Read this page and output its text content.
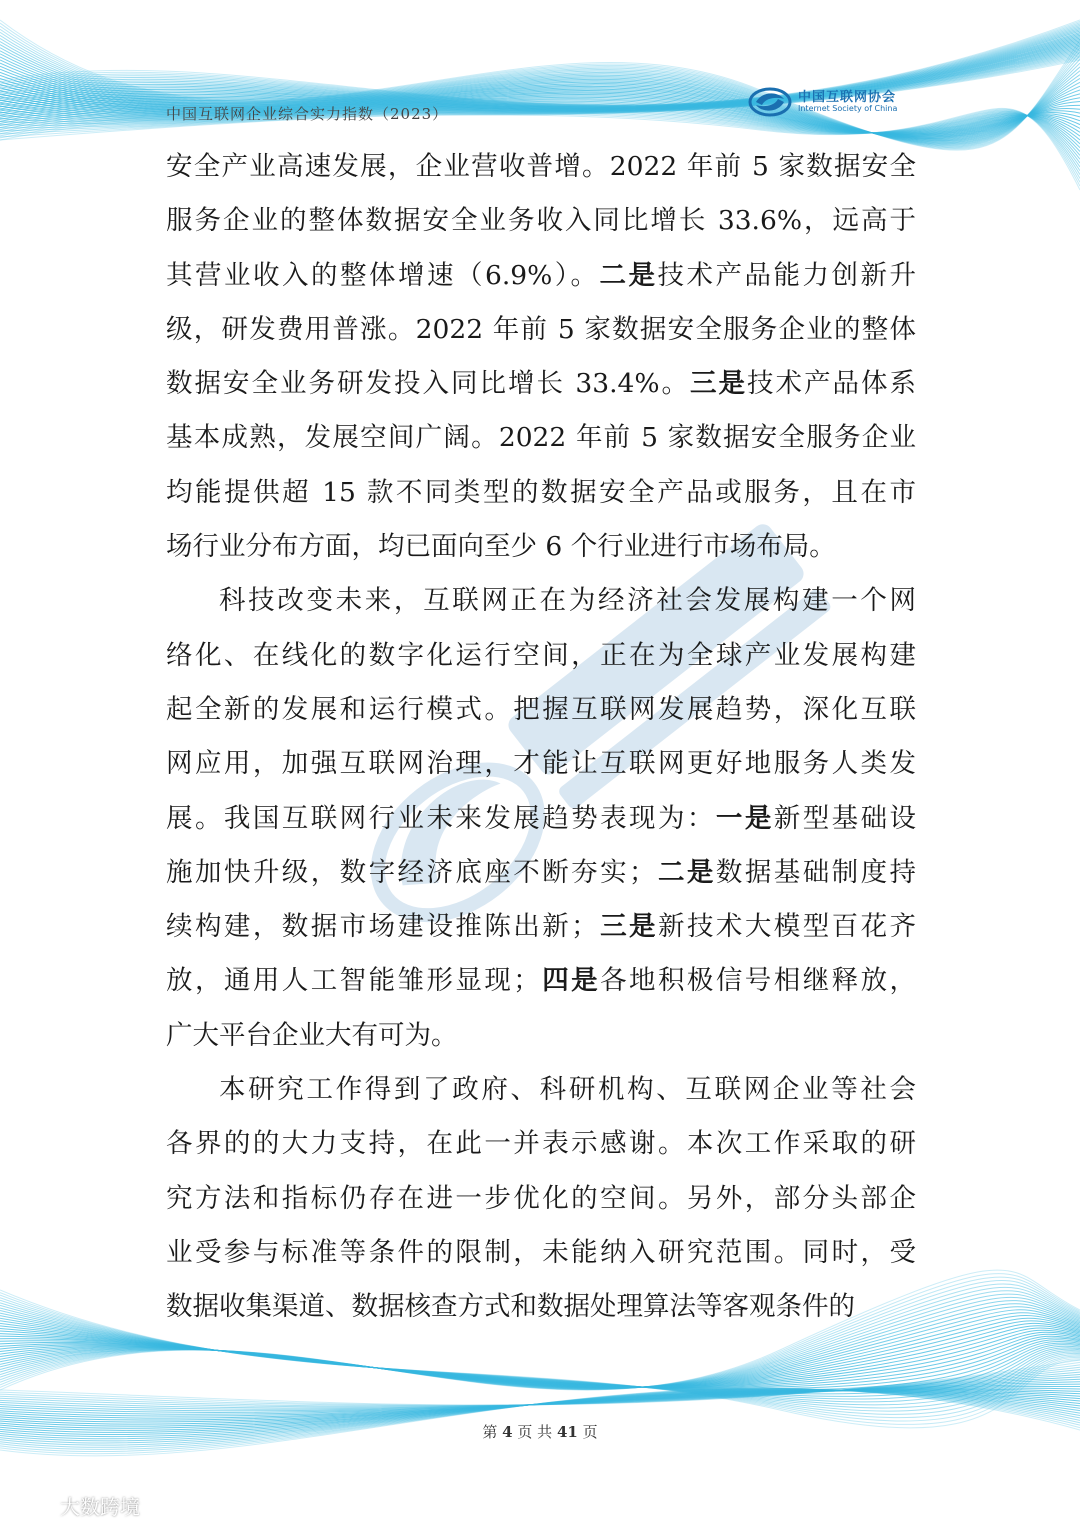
中国互联网企业综合实力指数（2023）
中国互联网协会
Internet Society of China

安全产业高速发展，企业营收普增。2022 年前 5 家数据安全

服务企业的整体数据安全业务收入同比增长 33.6%，远高于

其营业收入的整体增速（6.9%）。二是技术产品能力创新升

级，研发费用普涨。2022 年前 5 家数据安全服务企业的整体

数据安全业务研发投入同比增长 33.4%。三是技术产品体系

基本成熟，发展空间广阔。2022 年前 5 家数据安全服务企业

均能提供超 15 款不同类型的数据安全产品或服务，且在市

场行业分布方面，均已面向至少 6 个行业进行市场布局。

科技改变未来，互联网正在为经济社会发展构建一个网

络化、在线化的数字化运行空间，正在为全球产业发展构建

起全新的发展和运行模式。把握互联网发展趋势，深化互联

网应用，加强互联网治理，才能让互联网更好地服务人类发

展。我国互联网行业未来发展趋势表现为：一是新型基础设

施加快升级，数字经济底座不断夯实；二是数据基础制度持

续构建，数据市场建设推陈出新；三是新技术大模型百花齐

放，通用人工智能雏形显现；四是各地积极信号相继释放，

广大平台企业大有可为。

本研究工作得到了政府、科研机构、互联网企业等社会

各界的的大力支持，在此一并表示感谢。本次工作采取的研

究方法和指标仍存在进一步优化的空间。另外，部分头部企

业受参与标准等条件的限制，未能纳入研究范围。同时，受

数据收集渠道、数据核查方式和数据处理算法等客观条件的

第 4 页 共 41 页
大数跨境
